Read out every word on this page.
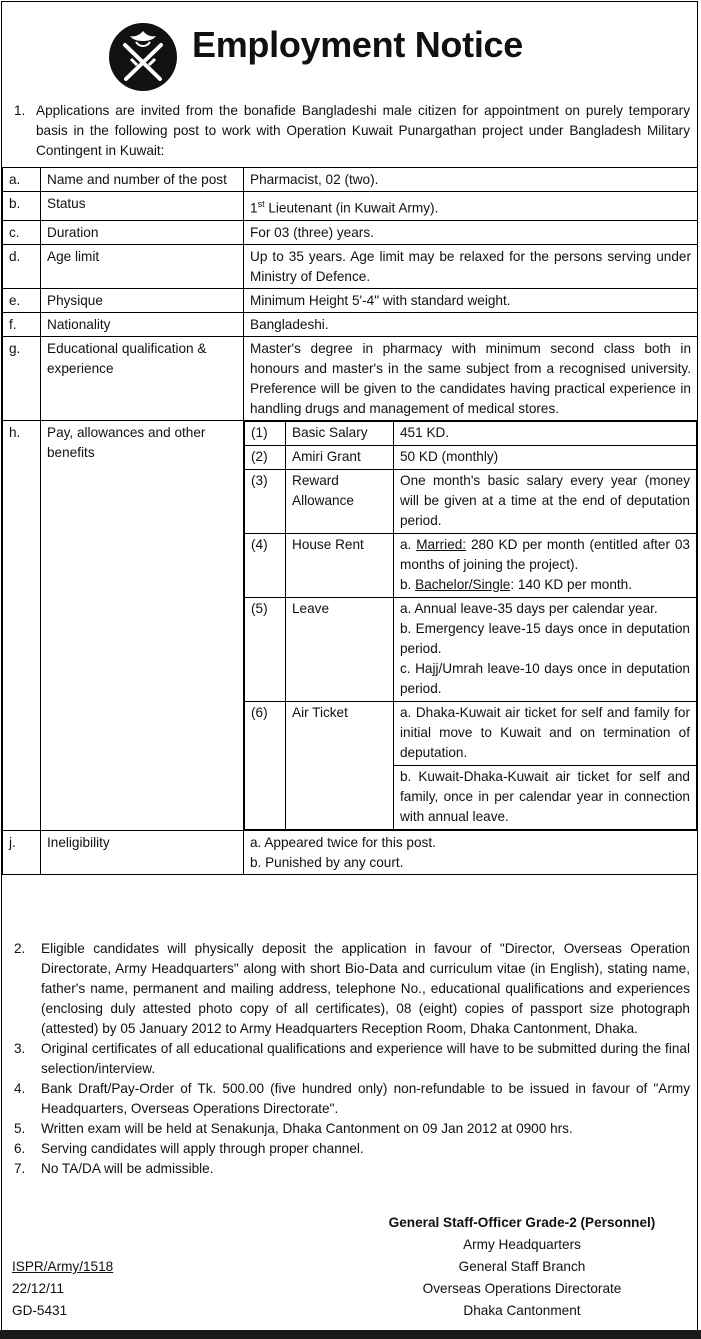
Employment Notice
1. Applications are invited from the bonafide Bangladeshi male citizen for appointment on purely temporary basis in the following post to work with Operation Kuwait Punargathan project under Bangladesh Military Contingent in Kuwait:
a.	Name and number of the post	Pharmacist, 02 (two).
b.	Status	1st Lieutenant (in Kuwait Army).
c.	Duration	For 03 (three) years.
d.	Age limit	Up to 35 years. Age limit may be relaxed for the persons serving under Ministry of Defence.
e.	Physique	Minimum Height 5'-4" with standard weight.
f.	Nationality	Bangladeshi.
g.	Educational qualification & experience	Master's degree in pharmacy with minimum second class both in honours and master's in the same subject from a recognised university. Preference will be given to the candidates having practical experience in handling drugs and management of medical stores.
h.	Pay, allowances and other benefits	
(1)	Basic Salary	451 KD.
(2)	Amiri Grant	50 KD (monthly)
(3)	Reward Allowance	One month's basic salary every year (money will be given at a time at the end of deputation period.
(4)	House Rent	a. Married: 280 KD per month (entitled after 03 months of joining the project).
b. Bachelor/Single: 140 KD per month.

(5)	Leave	a. Annual leave-35 days per calendar year.
b. Emergency leave-15 days once in deputation period.
c. Hajj/Umrah leave-10 days once in deputation period.

(6)	Air Ticket	a. Dhaka-Kuwait air ticket for self and family for initial move to Kuwait and on termination of deputation.
b. Kuwait-Dhaka-Kuwait air ticket for self and family, once in per calendar year in connection with annual leave.

j.	Ineligibility	a. Appeared twice for this post.
b. Punished by any court.
2. Eligible candidates will physically deposit the application in favour of "Director, Overseas Operation Directorate, Army Headquarters" along with short Bio-Data and curriculum vitae (in English), stating name, father's name, permanent and mailing address, telephone No., educational qualifications and experiences (enclosing duly attested photo copy of all certificates), 08 (eight) copies of passport size photograph (attested) by 05 January 2012 to Army Headquarters Reception Room, Dhaka Cantonment, Dhaka.
3. Original certificates of all educational qualifications and experience will have to be submitted during the final selection/interview.
4. Bank Draft/Pay-Order of Tk. 500.00 (five hundred only) non-refundable to be issued in favour of "Army Headquarters, Overseas Operations Directorate".
5. Written exam will be held at Senakunja, Dhaka Cantonment on 09 Jan 2012 at 0900 hrs.
6. Serving candidates will apply through proper channel.
7. No TA/DA will be admissible.
General Staff-Officer Grade-2 (Personnel)
Army Headquarters
General Staff Branch
Overseas Operations Directorate
Dhaka Cantonment
ISPR/Army/1518
22/12/11
GD-5431
